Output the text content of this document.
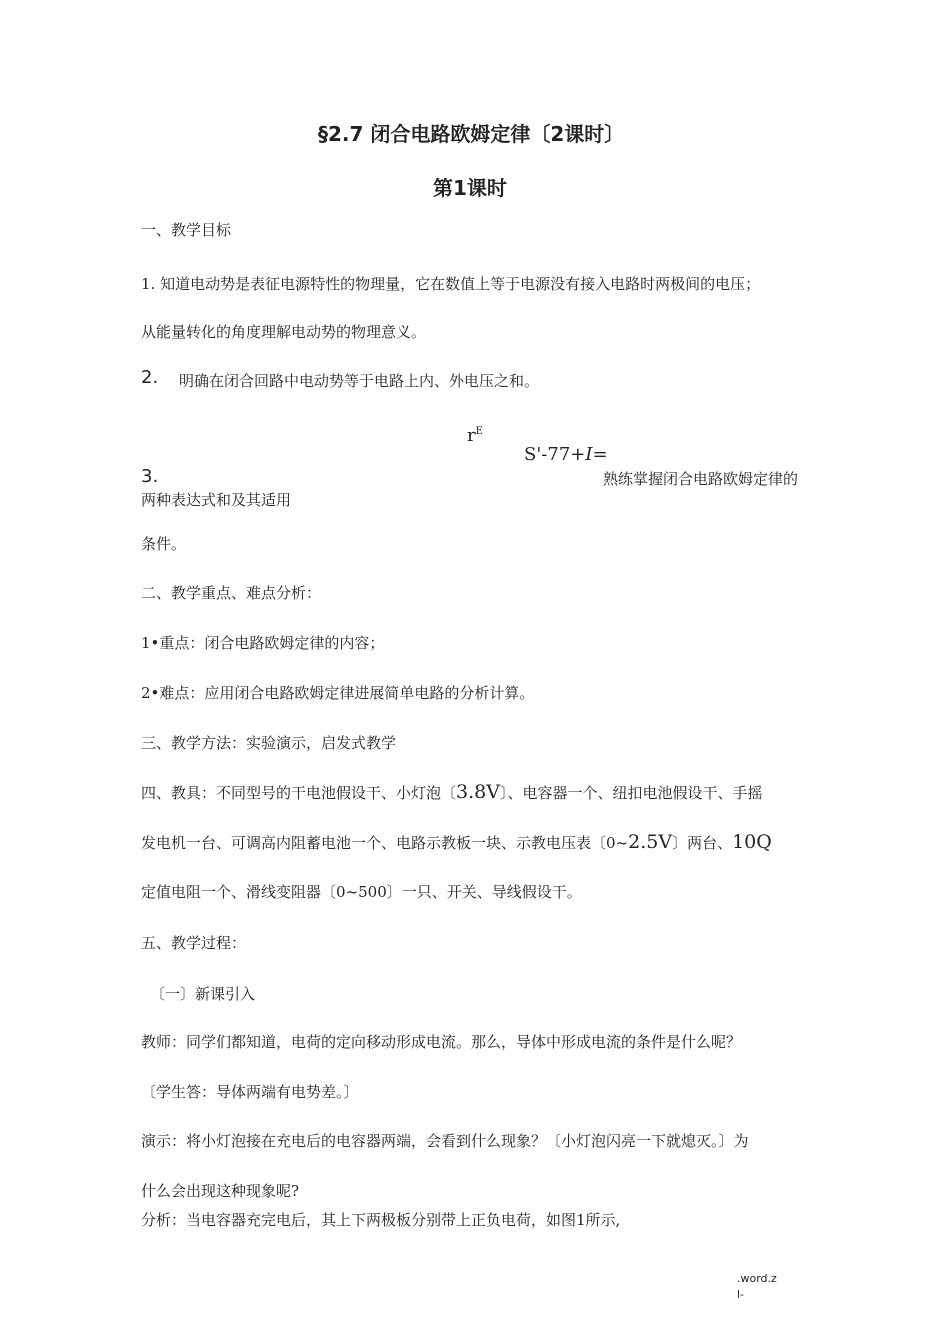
§2.7 闭合电路欧姆定律〔2课时〕
第1课时
一、教学目标
1. 知道电动势是表征电源特性的物理量，它在数值上等于电源没有接入电路时两极间的电压；
从能量转化的角度理解电动势的物理意义。
2. 明确在闭合回路中电动势等于电路上内、外电压之和。
$r^E$
S'-77+I=
3.	熟练掌握闭合电路欧姆定律的
两种表达式和及其适用
条件。
二、教学重点、难点分析：
1•重点：闭合电路欧姆定律的内容；
2•难点：应用闭合电路欧姆定律进展简单电路的分析计算。
三、教学方法：实验演示，启发式教学
四、教具：不同型号的干电池假设干、小灯泡〔3.8V〕、电容器一个、纽扣电池假设干、手摇
发电机一台、可调高内阻蓄电池一个、电路示教板一块、示教电压表〔0~2.5V〕两台、10Q
定值电阻一个、滑线变阻器〔0~500〕一只、开关、导线假设干。
五、教学过程：
〔一〕新课引入
教师：同学们都知道，电荷的定向移动形成电流。那么，导体中形成电流的条件是什么呢？
〔学生答：导体两端有电势差。〕
演示：将小灯泡接在充电后的电容器两端，会看到什么现象？〔小灯泡闪亮一下就熄灭。〕为
什么会出现这种现象呢?
分析：当电容器充完电后，其上下两极板分别带上正负电荷，如图1所示,
.word.z
l-
